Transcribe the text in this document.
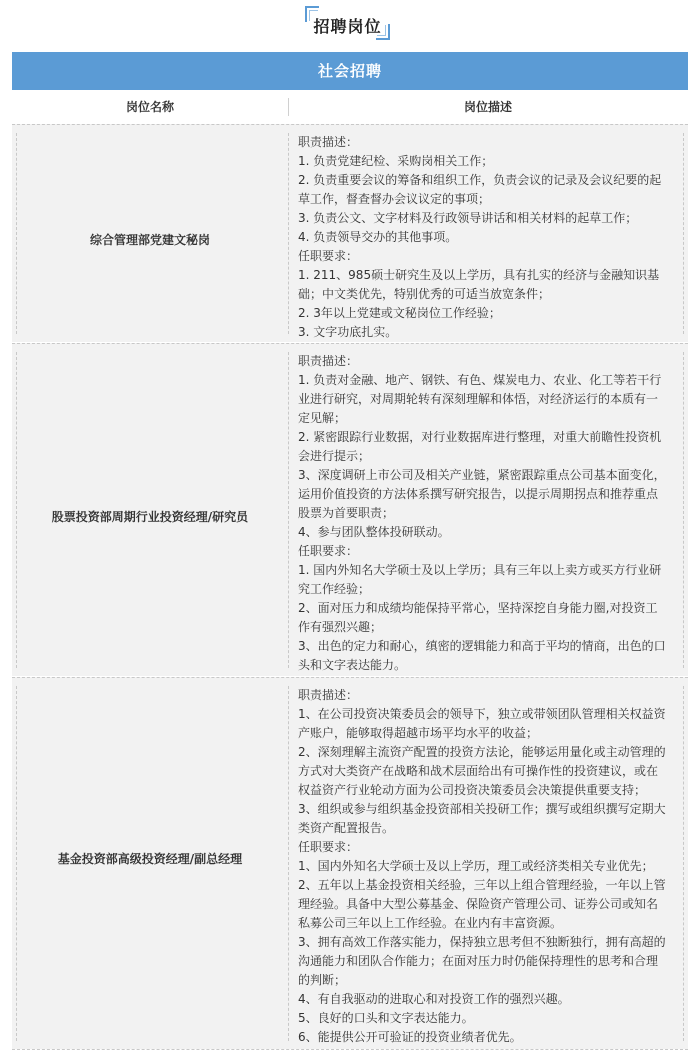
招聘岗位
社会招聘
岗位名称	岗位描述
综合管理部党建文秘岗
职责描述：
1. 负责党建纪检、采购岗相关工作；
2. 负责重要会议的筹备和组织工作，负责会议的记录及会议纪要的起
草工作，督查督办会议议定的事项；
3. 负责公文、文字材料及行政领导讲话和相关材料的起草工作；
4. 负责领导交办的其他事项。
任职要求：
1. 211、985硕士研究生及以上学历，具有扎实的经济与金融知识基
础；中文类优先，特别优秀的可适当放宽条件；
2. 3年以上党建或文秘岗位工作经验；
3. 文字功底扎实。
股票投资部周期行业投资经理/研究员
职责描述：
1. 负责对金融、地产、钢铁、有色、煤炭电力、农业、化工等若干行
业进行研究，对周期轮转有深刻理解和体悟，对经济运行的本质有一
定见解；
2. 紧密跟踪行业数据，对行业数据库进行整理，对重大前瞻性投资机
会进行提示；
3、深度调研上市公司及相关产业链，紧密跟踪重点公司基本面变化，
运用价值投资的方法体系撰写研究报告，以提示周期拐点和推荐重点
股票为首要职责；
4、参与团队整体投研联动。
任职要求：
1. 国内外知名大学硕士及以上学历；具有三年以上卖方或买方行业研
究工作经验；
2、面对压力和成绩均能保持平常心，坚持深挖自身能力圈,对投资工
作有强烈兴趣；
3、出色的定力和耐心，缜密的逻辑能力和高于平均的情商，出色的口
头和文字表达能力。
基金投资部高级投资经理/副总经理
职责描述：
1、在公司投资决策委员会的领导下，独立或带领团队管理相关权益资
产账户，能够取得超越市场平均水平的收益；
2、深刻理解主流资产配置的投资方法论，能够运用量化或主动管理的
方式对大类资产在战略和战术层面给出有可操作性的投资建议，或在
权益资产行业轮动方面为公司投资决策委员会决策提供重要支持；
3、组织或参与组织基金投资部相关投研工作；撰写或组织撰写定期大
类资产配置报告。
任职要求：
1、国内外知名大学硕士及以上学历，理工或经济类相关专业优先；
2、五年以上基金投资相关经验，三年以上组合管理经验，一年以上管
理经验。具备中大型公募基金、保险资产管理公司、证券公司或知名
私募公司三年以上工作经验。在业内有丰富资源。
3、拥有高效工作落实能力，保持独立思考但不独断独行，拥有高超的
沟通能力和团队合作能力；在面对压力时仍能保持理性的思考和合理
的判断；
4、有自我驱动的进取心和对投资工作的强烈兴趣。
5、良好的口头和文字表达能力。
6、能提供公开可验证的投资业绩者优先。
